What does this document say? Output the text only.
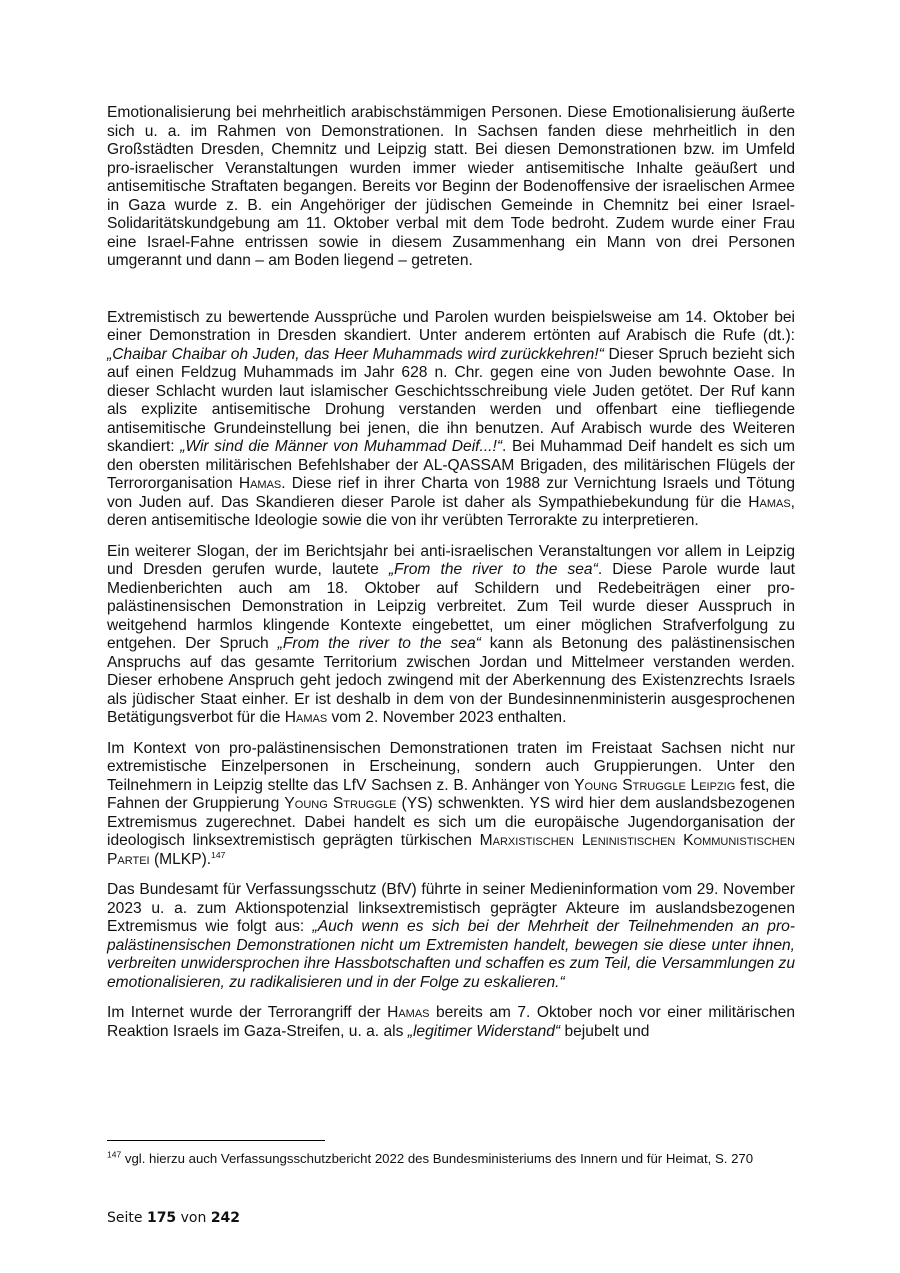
Emotionalisierung bei mehrheitlich arabischstämmigen Personen. Diese Emotionalisierung äußerte sich u. a. im Rahmen von Demonstrationen. In Sachsen fanden diese mehrheitlich in den Großstädten Dresden, Chemnitz und Leipzig statt. Bei diesen Demonstrationen bzw. im Umfeld pro-israelischer Veranstaltungen wurden immer wieder antisemitische Inhalte geäußert und antisemitische Straftaten begangen. Bereits vor Beginn der Bodenoffensive der israelischen Armee in Gaza wurde z. B. ein Angehöriger der jüdischen Gemeinde in Chemnitz bei einer Israel-Solidaritätskundgebung am 11. Oktober verbal mit dem Tode bedroht. Zudem wurde einer Frau eine Israel-Fahne entrissen sowie in diesem Zusammenhang ein Mann von drei Personen umgerannt und dann – am Boden liegend – getreten.

Extremistisch zu bewertende Aussprüche und Parolen wurden beispielsweise am 14. Oktober bei einer Demonstration in Dresden skandiert. Unter anderem ertönten auf Arabisch die Rufe (dt.): „Chaibar Chaibar oh Juden, das Heer Muhammads wird zurückkehren!“ Dieser Spruch bezieht sich auf einen Feldzug Muhammads im Jahr 628 n. Chr. gegen eine von Juden bewohnte Oase. In dieser Schlacht wurden laut islamischer Geschichtsschreibung viele Juden getötet. Der Ruf kann als explizite antisemitische Drohung verstanden werden und offenbart eine tiefliegende antisemitische Grundeinstellung bei jenen, die ihn benutzen. Auf Arabisch wurde des Weiteren skandiert: „Wir sind die Männer von Muhammad Deif...!“. Bei Muhammad Deif handelt es sich um den obersten militärischen Befehlshaber der AL-QASSAM Brigaden, des militärischen Flügels der Terrororganisation Hamas. Diese rief in ihrer Charta von 1988 zur Vernichtung Israels und Tötung von Juden auf. Das Skandieren dieser Parole ist daher als Sympathiebekundung für die Hamas, deren antisemitische Ideologie sowie die von ihr verübten Terrorakte zu interpretieren.

Ein weiterer Slogan, der im Berichtsjahr bei anti-israelischen Veranstaltungen vor allem in Leipzig und Dresden gerufen wurde, lautete „From the river to the sea“. Diese Parole wurde laut Medienberichten auch am 18. Oktober auf Schildern und Redebeiträgen einer pro-palästinensischen Demonstration in Leipzig verbreitet. Zum Teil wurde dieser Ausspruch in weitgehend harmlos klingende Kontexte eingebettet, um einer möglichen Strafverfolgung zu entgehen. Der Spruch „From the river to the sea“ kann als Betonung des palästinensischen Anspruchs auf das gesamte Territorium zwischen Jordan und Mittelmeer verstanden werden. Dieser erhobene Anspruch geht jedoch zwingend mit der Aberkennung des Existenzrechts Israels als jüdischer Staat einher. Er ist deshalb in dem von der Bundesinnenministerin ausgesprochenen Betätigungsverbot für die Hamas vom 2. November 2023 enthalten.

Im Kontext von pro-palästinensischen Demonstrationen traten im Freistaat Sachsen nicht nur extremistische Einzelpersonen in Erscheinung, sondern auch Gruppierungen. Unter den Teilnehmern in Leipzig stellte das LfV Sachsen z. B. Anhänger von Young Struggle Leipzig fest, die Fahnen der Gruppierung Young Struggle (YS) schwenkten. YS wird hier dem auslandsbezogenen Extremismus zugerechnet. Dabei handelt es sich um die europäische Jugendorganisation der ideologisch linksextremistisch geprägten türkischen Marxistischen Leninistischen Kommunistischen Partei (MLKP).$^{147}$

Das Bundesamt für Verfassungsschutz (BfV) führte in seiner Medieninformation vom 29. November 2023 u. a. zum Aktionspotenzial linksextremistisch geprägter Akteure im auslandsbezogenen Extremismus wie folgt aus: „Auch wenn es sich bei der Mehrheit der Teilnehmenden an pro-palästinensischen Demonstrationen nicht um Extremisten handelt, bewegen sie diese unter ihnen, verbreiten unwidersprochen ihre Hassbotschaften und schaffen es zum Teil, die Versammlungen zu emotionalisieren, zu radikalisieren und in der Folge zu eskalieren.“

Im Internet wurde der Terrorangriff der Hamas bereits am 7. Oktober noch vor einer militärischen Reaktion Israels im Gaza-Streifen, u. a. als „legitimer Widerstand“ bejubelt und

$^{147}$ vgl. hierzu auch Verfassungsschutzbericht 2022 des Bundesministeriums des Innern und für Heimat, S. 270

Seite 175 von 242
